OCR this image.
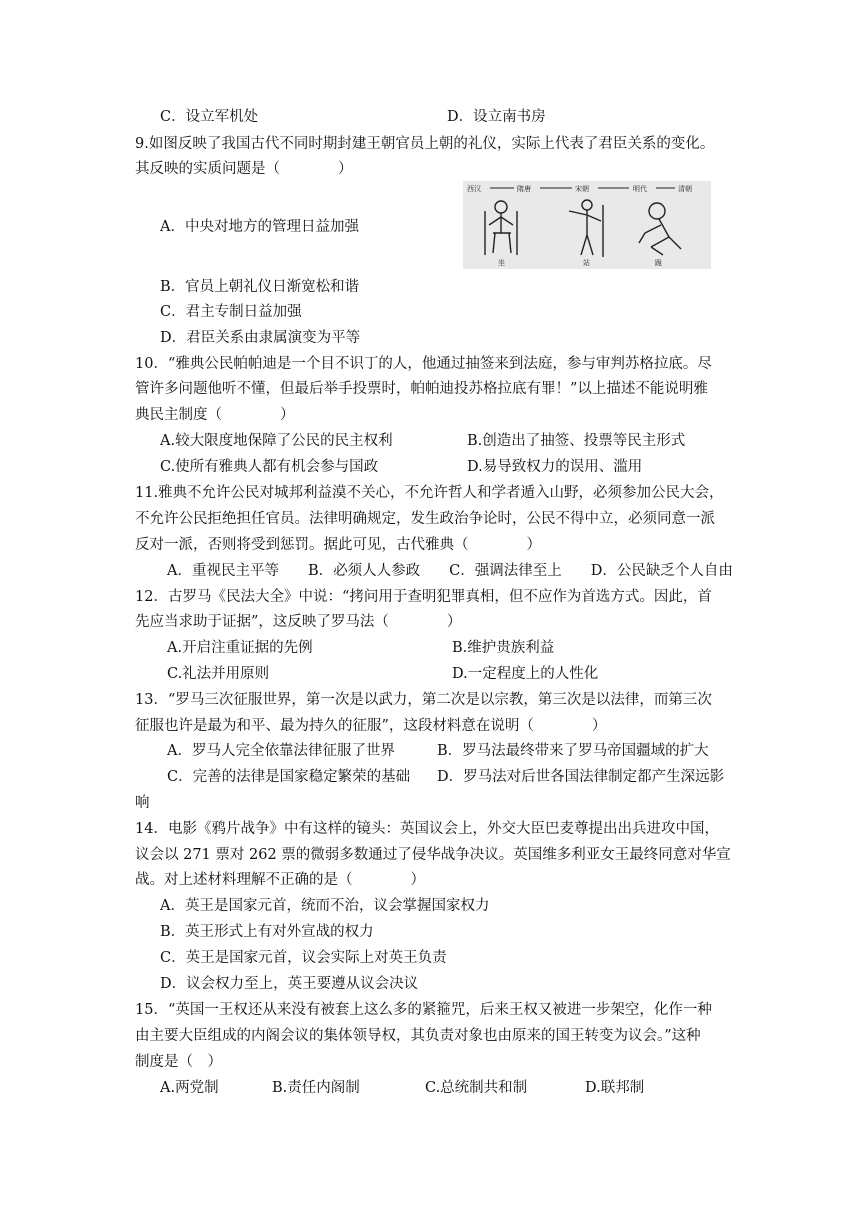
C．设立军机处	D．设立南书房
9.如图反映了我国古代不同时期封建王朝官员上朝的礼仪，实际上代表了君臣关系的变化。
其反映的实质问题是（　　　　）
A．中央对地方的管理日益加强
西汉	隋唐	宋朝	明代	清朝
坐	站	跪
B．官员上朝礼仪日渐宽松和谐
C．君主专制日益加强
D．君臣关系由隶属演变为平等
10．“雅典公民帕帕迪是一个目不识丁的人，他通过抽签来到法庭，参与审判苏格拉底。尽
管许多问题他听不懂，但最后举手投票时，帕帕迪投苏格拉底有罪！”以上描述不能说明雅
典民主制度（　　　　）
A.较大限度地保障了公民的民主权利	B.创造出了抽签、投票等民主形式
C.使所有雅典人都有机会参与国政	D.易导致权力的误用、滥用
11.雅典不允许公民对城邦利益漠不关心，不允许哲人和学者遁入山野，必须参加公民大会，
不允许公民拒绝担任官员。法律明确规定，发生政治争论时，公民不得中立，必须同意一派
反对一派，否则将受到惩罚。据此可见，古代雅典（　　　　）
A．重视民主平等　　B．必须人人参政　　C．强调法律至上　　D．公民缺乏个人自由
12．古罗马《民法大全》中说：“拷问用于查明犯罪真相，但不应作为首选方式。因此，首
先应当求助于证据”，这反映了罗马法（　　　　）
A.开启注重证据的先例	B.维护贵族利益
C.礼法并用原则	D.一定程度上的人性化
13．“罗马三次征服世界，第一次是以武力，第二次是以宗教，第三次是以法律，而第三次
征服也许是最为和平、最为持久的征服”，这段材料意在说明（　　　　）
A．罗马人完全依靠法律征服了世界	B．罗马法最终带来了罗马帝国疆域的扩大
C．完善的法律是国家稳定繁荣的基础 D．罗马法对后世各国法律制定都产生深远影
响
14．电影《鸦片战争》中有这样的镜头：英国议会上，外交大臣巴麦尊提出出兵进攻中国，
议会以 271 票对 262 票的微弱多数通过了侵华战争决议。英国维多利亚女王最终同意对华宣
战。对上述材料理解不正确的是（　　　　）
A．英王是国家元首，统而不治，议会掌握国家权力
B．英王形式上有对外宣战的权力
C．英王是国家元首，议会实际上对英王负责
D．议会权力至上，英王要遵从议会决议
15．“英国一王权还从来没有被套上这么多的紧箍咒，后来王权又被进一步架空，化作一种
由主要大臣组成的内阁会议的集体领导权，其负责对象也由原来的国王转变为议会。”这种
制度是（　）
A.两党制	B.责任内阁制	C.总统制共和制	D.联邦制
